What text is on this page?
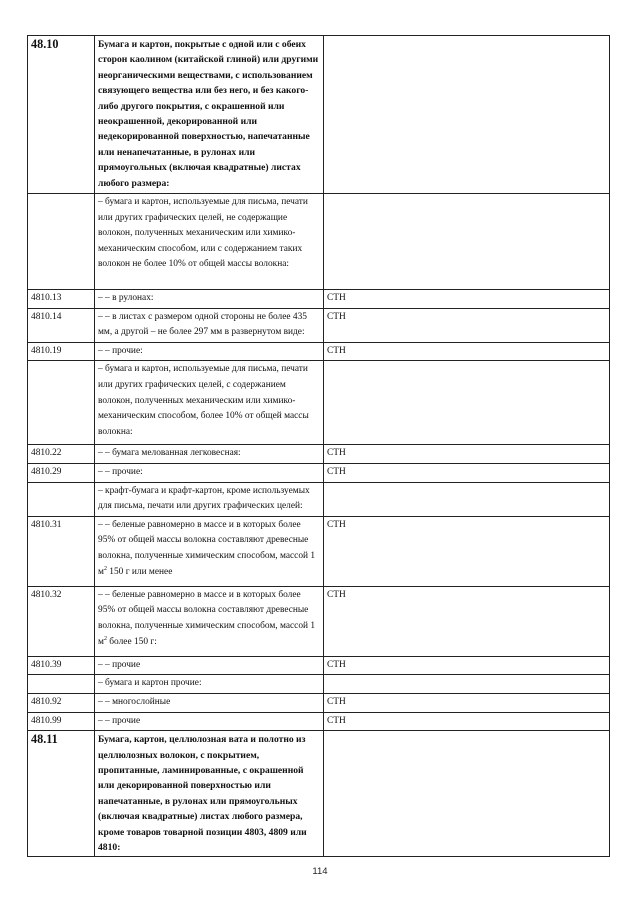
48.10	Бумага и картон, покрытые с одной или с обеих сторон каолином (китайской глиной) или другими неорганическими веществами, с использованием связующего вещества или без него, и без какого-либо другого покрытия, с окрашенной или неокрашенной, декорированной или недекорированной поверхностью, напечатанные или ненапечатанные, в рулонах или прямоугольных (включая квадратные) листах любого размера:	
	– бумага и картон, используемые для письма, печати или других графических целей, не содержащие волокон, полученных механическим или химико-механическим способом, или с содержанием таких волокон не более 10% от общей массы волокна:	
4810.13	– – в рулонах:	СТН
4810.14	– – в листах с размером одной стороны не более 435 мм, а другой – не более 297 мм в развернутом виде:	СТН
4810.19	– – прочие:	СТН
	– бумага и картон, используемые для письма, печати или других графических целей, с содержанием волокон, полученных механическим или химико-механическим способом, более 10% от общей массы волокна:	
4810.22	– – бумага мелованная легковесная:	СТН
4810.29	– – прочие:	СТН
	– крафт-бумага и крафт-картон, кроме используемых для письма, печати или других графических целей:	
4810.31	– – беленые равномерно в массе и в которых более 95% от общей массы волокна составляют древесные волокна, полученные химическим способом, массой 1 $м^2$ 150 г или менее	СТН
4810.32	– – беленые равномерно в массе и в которых более 95% от общей массы волокна составляют древесные волокна, полученные химическим способом, массой 1 $м^2$ более 150 г:	СТН
4810.39	– – прочие	СТН
	– бумага и картон прочие:	
4810.92	– – многослойные	СТН
4810.99	– – прочие	СТН
48.11	Бумага, картон, целлюлозная вата и полотно из целлюлозных волокон, с покрытием, пропитанные, ламинированные, с окрашенной или декорированной поверхностью или напечатанные, в рулонах или прямоугольных (включая квадратные) листах любого размера, кроме товаров товарной позиции 4803, 4809 или 4810:	
114
